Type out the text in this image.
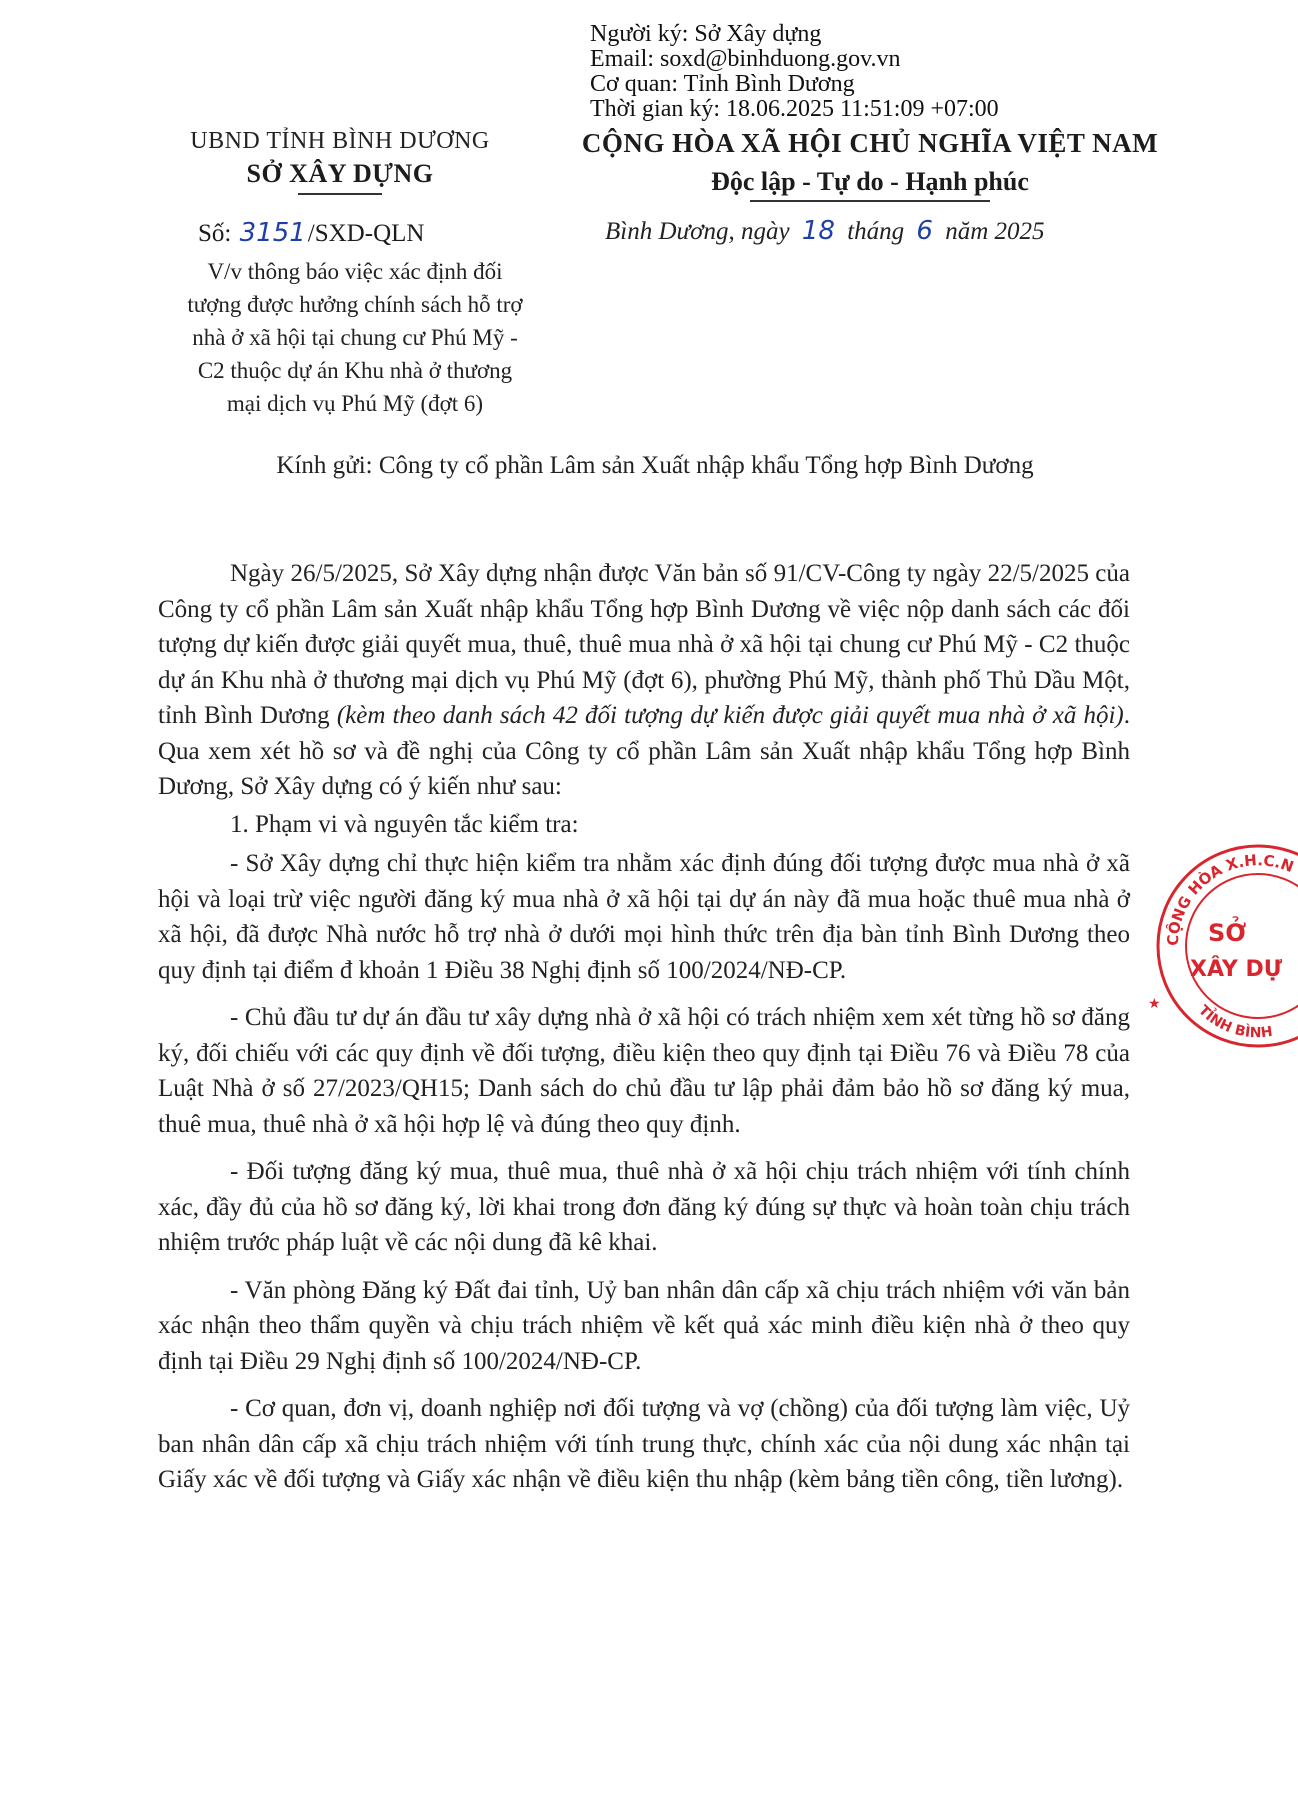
Người ký: Sở Xây dựng
Email: soxd@binhduong.gov.vn
Cơ quan: Tỉnh Bình Dương
Thời gian ký: 18.06.2025 11:51:09 +07:00
UBND TỈNH BÌNH DƯƠNG
SỞ XÂY DỰNG
CỘNG HÒA XÃ HỘI CHỦ NGHĨA VIỆT NAM
Độc lập - Tự do - Hạnh phúc
Số: 3151/SXD-QLN	Bình Dương, ngày 18 tháng 6 năm 2025
V/v thông báo việc xác định đối
tượng được hưởng chính sách hỗ trợ
nhà ở xã hội tại chung cư Phú Mỹ -
C2 thuộc dự án Khu nhà ở thương
mại dịch vụ Phú Mỹ (đợt 6)
Kính gửi: Công ty cổ phần Lâm sản Xuất nhập khẩu Tổng hợp Bình Dương

Ngày 26/5/2025, Sở Xây dựng nhận được Văn bản số 91/CV-Công ty ngày 22/5/2025 của Công ty cổ phần Lâm sản Xuất nhập khẩu Tổng hợp Bình Dương về việc nộp danh sách các đối tượng dự kiến được giải quyết mua, thuê, thuê mua nhà ở xã hội tại chung cư Phú Mỹ - C2 thuộc dự án Khu nhà ở thương mại dịch vụ Phú Mỹ (đợt 6), phường Phú Mỹ, thành phố Thủ Dầu Một, tỉnh Bình Dương (kèm theo danh sách 42 đối tượng dự kiến được giải quyết mua nhà ở xã hội). Qua xem xét hồ sơ và đề nghị của Công ty cổ phần Lâm sản Xuất nhập khẩu Tổng hợp Bình Dương, Sở Xây dựng có ý kiến như sau:

1. Phạm vi và nguyên tắc kiểm tra:

- Sở Xây dựng chỉ thực hiện kiểm tra nhằm xác định đúng đối tượng được mua nhà ở xã hội và loại trừ việc người đăng ký mua nhà ở xã hội tại dự án này đã mua hoặc thuê mua nhà ở xã hội, đã được Nhà nước hỗ trợ nhà ở dưới mọi hình thức trên địa bàn tỉnh Bình Dương theo quy định tại điểm đ khoản 1 Điều 38 Nghị định số 100/2024/NĐ-CP.

- Chủ đầu tư dự án đầu tư xây dựng nhà ở xã hội có trách nhiệm xem xét từng hồ sơ đăng ký, đối chiếu với các quy định về đối tượng, điều kiện theo quy định tại Điều 76 và Điều 78 của Luật Nhà ở số 27/2023/QH15; Danh sách do chủ đầu tư lập phải đảm bảo hồ sơ đăng ký mua, thuê mua, thuê nhà ở xã hội hợp lệ và đúng theo quy định.

- Đối tượng đăng ký mua, thuê mua, thuê nhà ở xã hội chịu trách nhiệm với tính chính xác, đầy đủ của hồ sơ đăng ký, lời khai trong đơn đăng ký đúng sự thực và hoàn toàn chịu trách nhiệm trước pháp luật về các nội dung đã kê khai.

- Văn phòng Đăng ký Đất đai tỉnh, Uỷ ban nhân dân cấp xã chịu trách nhiệm với văn bản xác nhận theo thẩm quyền và chịu trách nhiệm về kết quả xác minh điều kiện nhà ở theo quy định tại Điều 29 Nghị định số 100/2024/NĐ-CP.

- Cơ quan, đơn vị, doanh nghiệp nơi đối tượng và vợ (chồng) của đối tượng làm việc, Uỷ ban nhân dân cấp xã chịu trách nhiệm với tính trung thực, chính xác của nội dung xác nhận tại Giấy xác về đối tượng và Giấy xác nhận về điều kiện thu nhập (kèm bảng tiền công, tiền lương).

CỘNG HÒA X.H.C.N
TỈNH BÌNH
SỞ
XÂY DỰ
★
